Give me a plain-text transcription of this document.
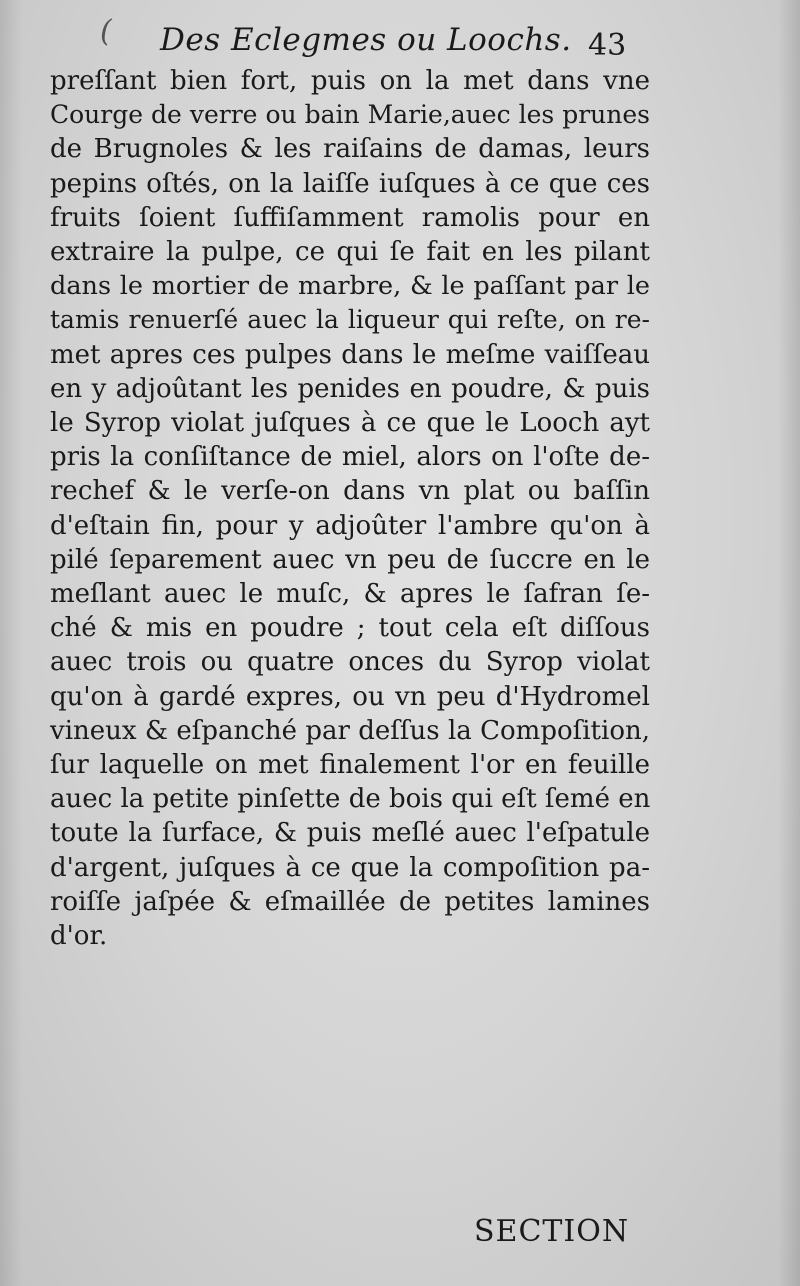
( Des Eclegmes ou Loochs. 43
preſſant bien fort, puis on la met dans vne
Courge de verre ou bain Marie,auec les prunes
de Brugnoles & les raiſains de damas, leurs
pepins oſtés, on la laiſſe iuſques à ce que ces
fruits ſoient ſuffiſamment ramolis pour en
extraire la pulpe, ce qui ſe fait en les pilant
dans le mortier de marbre, & le paſſant par le
tamis renuerſé auec la liqueur qui reſte, on re-
met apres ces pulpes dans le meſme vaiſſeau
en y adjoûtant les penides en poudre, & puis
le Syrop violat juſques à ce que le Looch ayt
pris la conſiſtance de miel, alors on l'oſte de-
rechef & le verſe-on dans vn plat ou baſſin
d'eſtain fin, pour y adjoûter l'ambre qu'on à
pilé ſeparement auec vn peu de ſuccre en le
meſlant auec le muſc, & apres le ſafran ſe-
ché & mis en poudre ; tout cela eſt diſſous
auec trois ou quatre onces du Syrop violat
qu'on à gardé expres, ou vn peu d'Hydromel
vineux & eſpanché par deſſus la Compoſition,
ſur laquelle on met finalement l'or en feuille
auec la petite pinſette de bois qui eſt ſemé en
toute la ſurface, & puis meſlé auec l'eſpatule
d'argent, juſques à ce que la compoſition pa-
roiſſe jaſpée & eſmaillée de petites lamines
d'or.
SECTION
